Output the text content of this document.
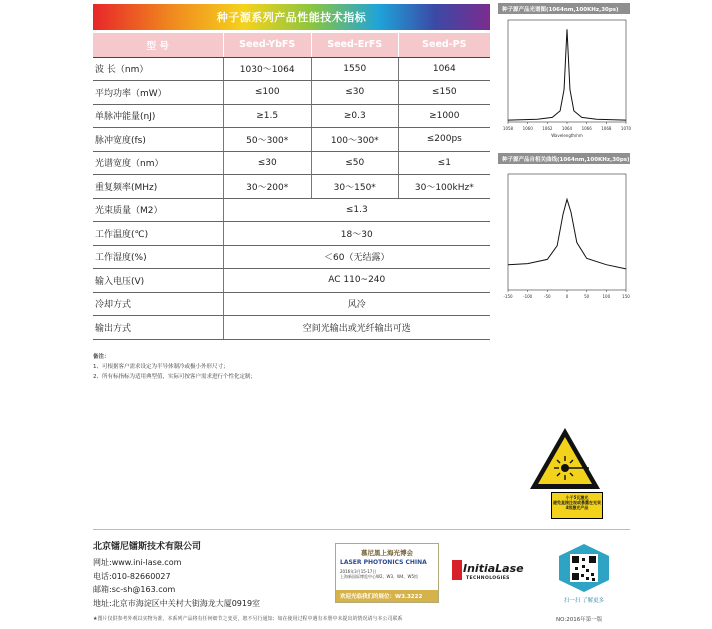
种子源系列产品性能技术指标
型 号	Seed-YbFS	Seed-ErFS	Seed-PS
波 长（nm）	1030～1064	1550	1064
平均功率（mW）	≤100	≤30	≤150
单脉冲能量(nJ)	≥1.5	≥0.3	≥1000
脉冲宽度(fs)	50～300*	100～300*	≤200ps
光谱宽度（nm）	≤30	≤50	≤1
重复频率(MHz)	30～200*	30～150*	30～100kHz*
光束质量（M2）	≤1.3		
工作温度(℃)	18～30		
工作湿度(%)	＜60（无结露）		
输入电压(V)	AC 110~240		
冷却方式	风冷		
输出方式	空间光输出或光纤输出可选		
备注：
1、可根据客户需求设定为半导体制冷或极小外形尺寸；
2、所有标指标为适用典型值，实际可按客户需求进行个性化定制；
种子源产品光谱图(1064nm,100KHz,30ps)
1058 1060 1062 1064 1066 1068 1070
Wavelength/nm
种子源产品自相关曲线(1064nm,100KHz,30ps)
-150	-100	-50	0	50	100	150
小于5瓦激光
避免直接注视或暴露在光束
4级激光产品
北京镭尼镭斯技术有限公司
网址:www.ini-lase.com
电话:010-82660027
邮箱:sc-sh@163.com
地址:北京市海淀区中关村大街海龙大厦0919室
慕尼黑上海光博会
LASER PHOTONICS CHINA
2016年3月15-17日
上海新国际博览中心W2、W3、W4、W5馆
欢迎光临我们的展位：W3.3222
InitiaLase
TECHNOLOGIES
扫一扫 了解更多
★图片仅供参考外观以实物为准，本系列产品将有任何细节之变更，恕不另行通知；如在使用过程中遇有本册中未提出的情况请与本公司联系	NO:2016年第一版
